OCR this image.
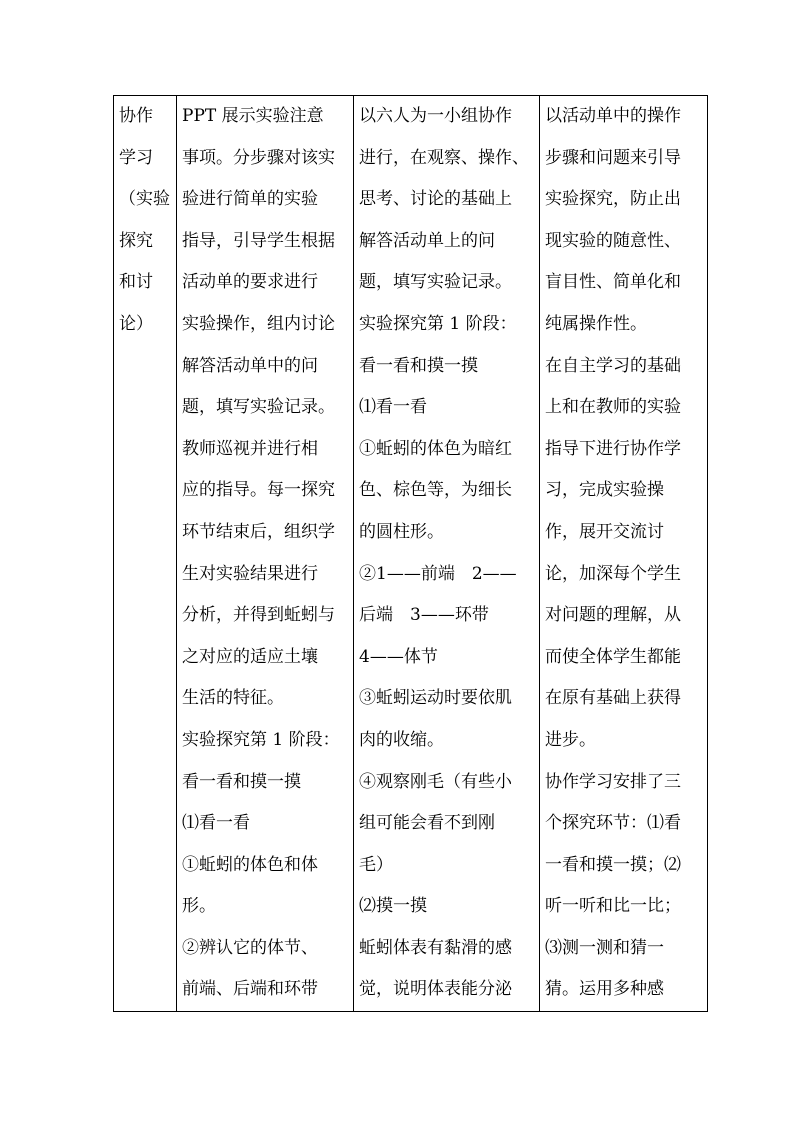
协作
学习
（实验
探究
和讨
论）

PPT 展示实验注意
事项。分步骤对该实
验进行简单的实验
指导，引导学生根据
活动单的要求进行
实验操作，组内讨论
解答活动单中的问
题，填写实验记录。
教师巡视并进行相
应的指导。每一探究
环节结束后，组织学
生对实验结果进行
分析，并得到蚯蚓与
之对应的适应土壤
生活的特征。
实验探究第 1 阶段：
看一看和摸一摸
⑴看一看
①蚯蚓的体色和体
形。
②辨认它的体节、
前端、后端和环带

以六人为一小组协作
进行，在观察、操作、
思考、讨论的基础上
解答活动单上的问
题，填写实验记录。
实验探究第 1 阶段：
看一看和摸一摸
⑴看一看
①蚯蚓的体色为暗红
色、棕色等，为细长
的圆柱形。
②1——前端　2——
后端　3——环带
4——体节
③蚯蚓运动时要依肌
肉的收缩。
④观察刚毛（有些小
组可能会看不到刚
毛）
⑵摸一摸
蚯蚓体表有黏滑的感
觉，说明体表能分泌

以活动单中的操作
步骤和问题来引导
实验探究，防止出
现实验的随意性、
盲目性、简单化和
纯属操作性。
在自主学习的基础
上和在教师的实验
指导下进行协作学
习，完成实验操
作，展开交流讨
论，加深每个学生
对问题的理解，从
而使全体学生都能
在原有基础上获得
进步。
协作学习安排了三
个探究环节：⑴看
一看和摸一摸；⑵
听一听和比一比；
⑶测一测和猜一
猜。运用多种感
